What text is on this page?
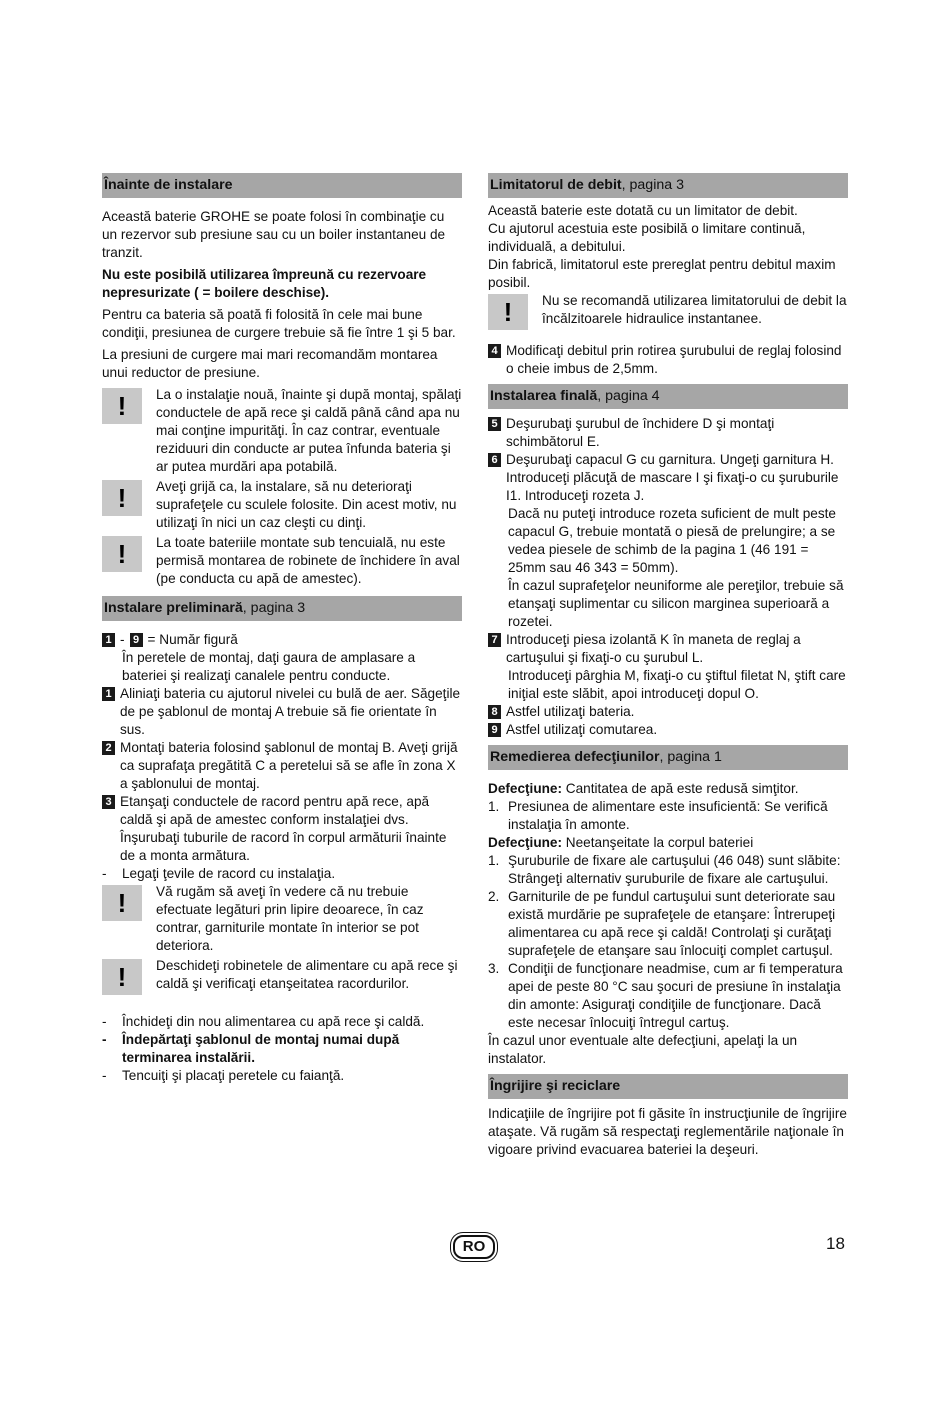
Înainte de instalare

Această baterie GROHE se poate folosi în combinaţie cu un rezervor sub presiune sau cu un boiler instantaneu de tranzit.

Nu este posibilă utilizarea împreună cu rezervoare nepresurizate ( = boilere deschise).

Pentru ca bateria să poată fi folosită în cele mai bune condiţii, presiunea de curgere trebuie să fie între 1 şi 5 bar.

La presiuni de curgere mai mari recomandăm montarea unui reductor de presiune.

!	La o instalaţie nouă, înainte şi după montaj, spălaţi conductele de apă rece şi caldă până când apa nu mai conţine impurităţi. În caz contrar, eventuale reziduuri din conducte ar putea înfunda bateria şi ar putea murdări apa potabilă.
!	Aveţi grijă ca, la instalare, să nu deterioraţi suprafeţele cu sculele folosite. Din acest motiv, nu utilizaţi în nici un caz cleşti cu dinţi.
!	La toate bateriile montate sub tencuială, nu este permisă montarea de robinete de închidere în aval (pe conducta cu apă de amestec).
Instalare preliminară, pagina 3
1 - 9 = Număr figură
În peretele de montaj, daţi gaura de amplasare a bateriei şi realizaţi canalele pentru conducte.
1 Aliniaţi bateria cu ajutorul nivelei cu bulă de aer. Săgeţile de pe şablonul de montaj A trebuie să fie orientate în sus.
2 Montaţi bateria folosind şablonul de montaj B. Aveţi grijă ca suprafaţa pregătită C a peretelui să se afle în zona X a şablonului de montaj.
3 Etanşaţi conductele de racord pentru apă rece, apă caldă şi apă de amestec conform instalaţiei dvs. Înşurubaţi tuburile de racord în corpul armăturii înainte de a monta armătura.
-	Legaţi ţevile de racord cu instalaţia.
!	Vă rugăm să aveţi în vedere că nu trebuie efectuate legături prin lipire deoarece, în caz contrar, garniturile montate în interior se pot deteriora.
!	Deschideţi robinetele de alimentare cu apă rece şi caldă şi verificaţi etanşeitatea racordurilor.
-	Închideţi din nou alimentarea cu apă rece şi caldă.
-	Îndepărtaţi şablonul de montaj numai după terminarea instalării.
-	Tencuiţi şi placaţi peretele cu faianţă.
Limitatorul de debit, pagina 3

Această baterie este dotată cu un limitator de debit.

Cu ajutorul acestuia este posibilă o limitare continuă, individuală, a debitului.

Din fabrică, limitatorul este prereglat pentru debitul maxim posibil.

!	Nu se recomandă utilizarea limitatorului de debit la încălzitoarele hidraulice instantanee.
4 Modificaţi debitul prin rotirea şurubului de reglaj folosind o cheie imbus de 2,5mm.
Instalarea finală, pagina 4
5 Deşurubaţi şurubul de închidere D şi montaţi schimbătorul E.
6 Deşurubaţi capacul G cu garnitura. Ungeţi garnitura H. Introduceţi plăcuţă de mascare I şi fixaţi-o cu şuruburile I1. Introduceţi rozeta J.
Dacă nu puteţi introduce rozeta suficient de mult peste capacul G, trebuie montată o piesă de prelungire; a se vedea piesele de schimb de la pagina 1 (46 191 = 25mm sau 46 343 = 50mm).
În cazul suprafeţelor neuniforme ale pereţilor, trebuie să etanşaţi suplimentar cu silicon marginea superioară a rozetei.
7 Introduceţi piesa izolantă K în maneta de reglaj a cartuşului şi fixaţi-o cu şurubul L.
Introduceţi pârghia M, fixaţi-o cu ştiftul filetat N, ştift care iniţial este slăbit, apoi introduceţi dopul O.
8 Astfel utilizaţi bateria.
9 Astfel utilizaţi comutarea.
Remedierea defecţiunilor, pagina 1

Defecţiune: Cantitatea de apă este redusă simţitor.

1. Presiunea de alimentare este insuficientă: Se verifică instalaţia în amonte.

Defecţiune: Neetanşeitate la corpul bateriei

1. Şuruburile de fixare ale cartuşului (46 048) sunt slăbite: Strângeţi alternativ şuruburile de fixare ale cartuşului.
2. Garniturile de pe fundul cartuşului sunt deteriorate sau există murdărie pe suprafeţele de etanşare: Întrerupeţi alimentarea cu apă rece şi caldă! Controlaţi şi curăţaţi suprafeţele de etanşare sau înlocuiţi complet cartuşul.
3. Condiţii de funcţionare neadmise, cum ar fi temperatura apei de peste 80 °C sau şocuri de presiune în instalaţia din amonte: Asiguraţi condiţiile de funcţionare. Dacă este necesar înlocuiţi întregul cartuş.

În cazul unor eventuale alte defecţiuni, apelaţi la un instalator.

Îngrijire şi reciclare

Indicaţiile de îngrijire pot fi găsite în instrucţiunile de îngrijire ataşate. Vă rugăm să respectaţi reglementările naţionale în vigoare privind evacuarea bateriei la deşeuri.

RO	18
